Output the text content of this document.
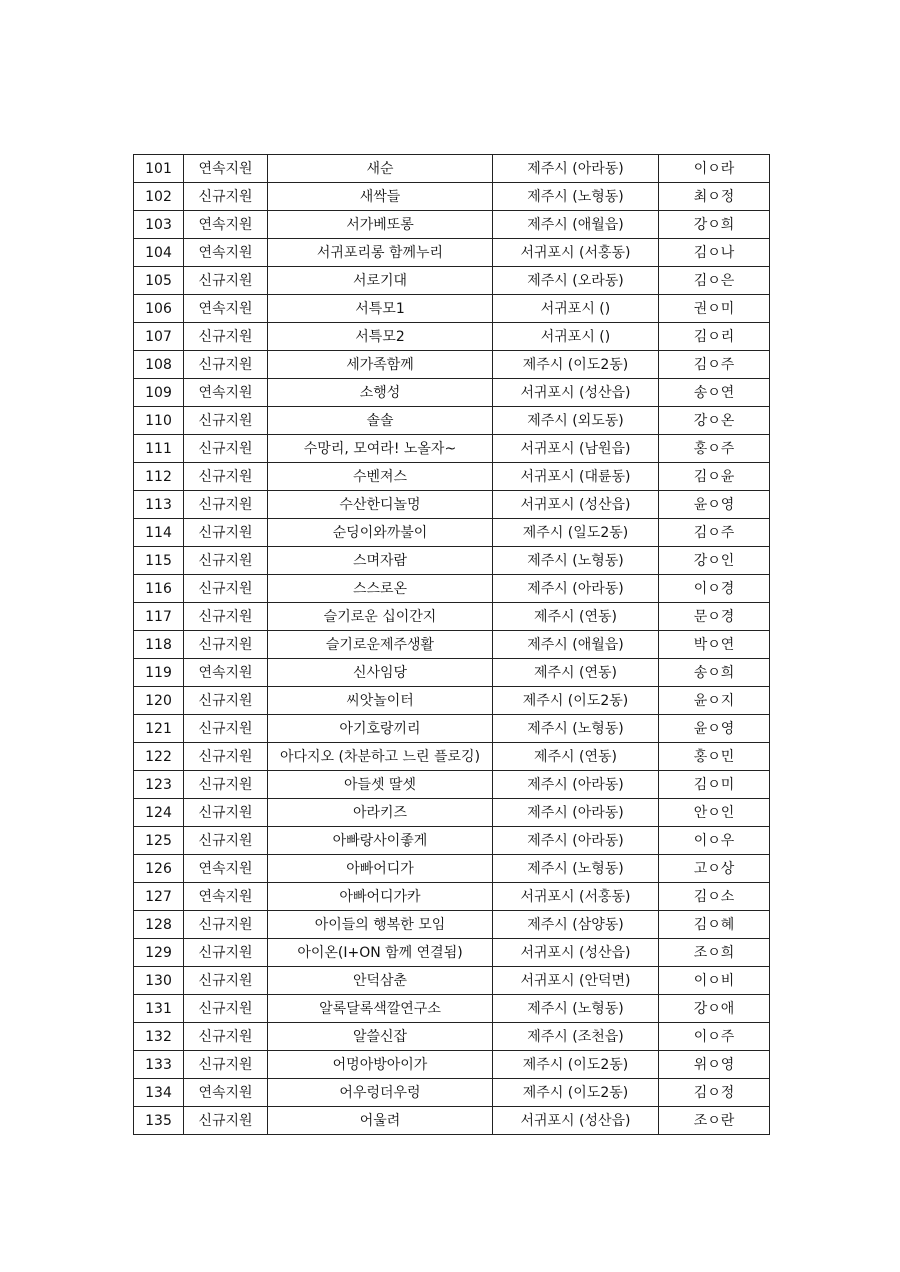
101	연속지원	새순	제주시 (아라동)	이ㅇ라
102	신규지원	새싹들	제주시 (노형동)	최ㅇ정
103	연속지원	서가베또롱	제주시 (애월읍)	강ㅇ희
104	연속지원	서귀포리롱 함께누리	서귀포시 (서홍동)	김ㅇ나
105	신규지원	서로기대	제주시 (오라동)	김ㅇ은
106	연속지원	서특모1	서귀포시 ()	권ㅇ미
107	신규지원	서특모2	서귀포시 ()	김ㅇ리
108	신규지원	세가족함께	제주시 (이도2동)	김ㅇ주
109	연속지원	소행성	서귀포시 (성산읍)	송ㅇ연
110	신규지원	솔솔	제주시 (외도동)	강ㅇ온
111	신규지원	수망리, 모여라! 노올자~	서귀포시 (남원읍)	홍ㅇ주
112	신규지원	수벤져스	서귀포시 (대륜동)	김ㅇ윤
113	신규지원	수산한디놀멍	서귀포시 (성산읍)	윤ㅇ영
114	신규지원	순딩이와까불이	제주시 (일도2동)	김ㅇ주
115	신규지원	스며자람	제주시 (노형동)	강ㅇ인
116	신규지원	스스로온	제주시 (아라동)	이ㅇ경
117	신규지원	슬기로운 십이간지	제주시 (연동)	문ㅇ경
118	신규지원	슬기로운제주생활	제주시 (애월읍)	박ㅇ연
119	연속지원	신사임당	제주시 (연동)	송ㅇ희
120	신규지원	씨앗놀이터	제주시 (이도2동)	윤ㅇ지
121	신규지원	아기호랑끼리	제주시 (노형동)	윤ㅇ영
122	신규지원	아다지오 (차분하고 느린 플로깅)	제주시 (연동)	홍ㅇ민
123	신규지원	아들셋 딸셋	제주시 (아라동)	김ㅇ미
124	신규지원	아라키즈	제주시 (아라동)	안ㅇ인
125	신규지원	아빠랑사이좋게	제주시 (아라동)	이ㅇ우
126	연속지원	아빠어디가	제주시 (노형동)	고ㅇ상
127	연속지원	아빠어디가카	서귀포시 (서홍동)	김ㅇ소
128	신규지원	아이들의 행복한 모임	제주시 (삼양동)	김ㅇ혜
129	신규지원	아이온(I+ON 함께 연결됨)	서귀포시 (성산읍)	조ㅇ희
130	신규지원	안덕삼춘	서귀포시 (안덕면)	이ㅇ비
131	신규지원	알록달록색깔연구소	제주시 (노형동)	강ㅇ애
132	신규지원	알쓸신잡	제주시 (조천읍)	이ㅇ주
133	신규지원	어멍아방아이가	제주시 (이도2동)	위ㅇ영
134	연속지원	어우렁더우렁	제주시 (이도2동)	김ㅇ정
135	신규지원	어울려	서귀포시 (성산읍)	조ㅇ란
